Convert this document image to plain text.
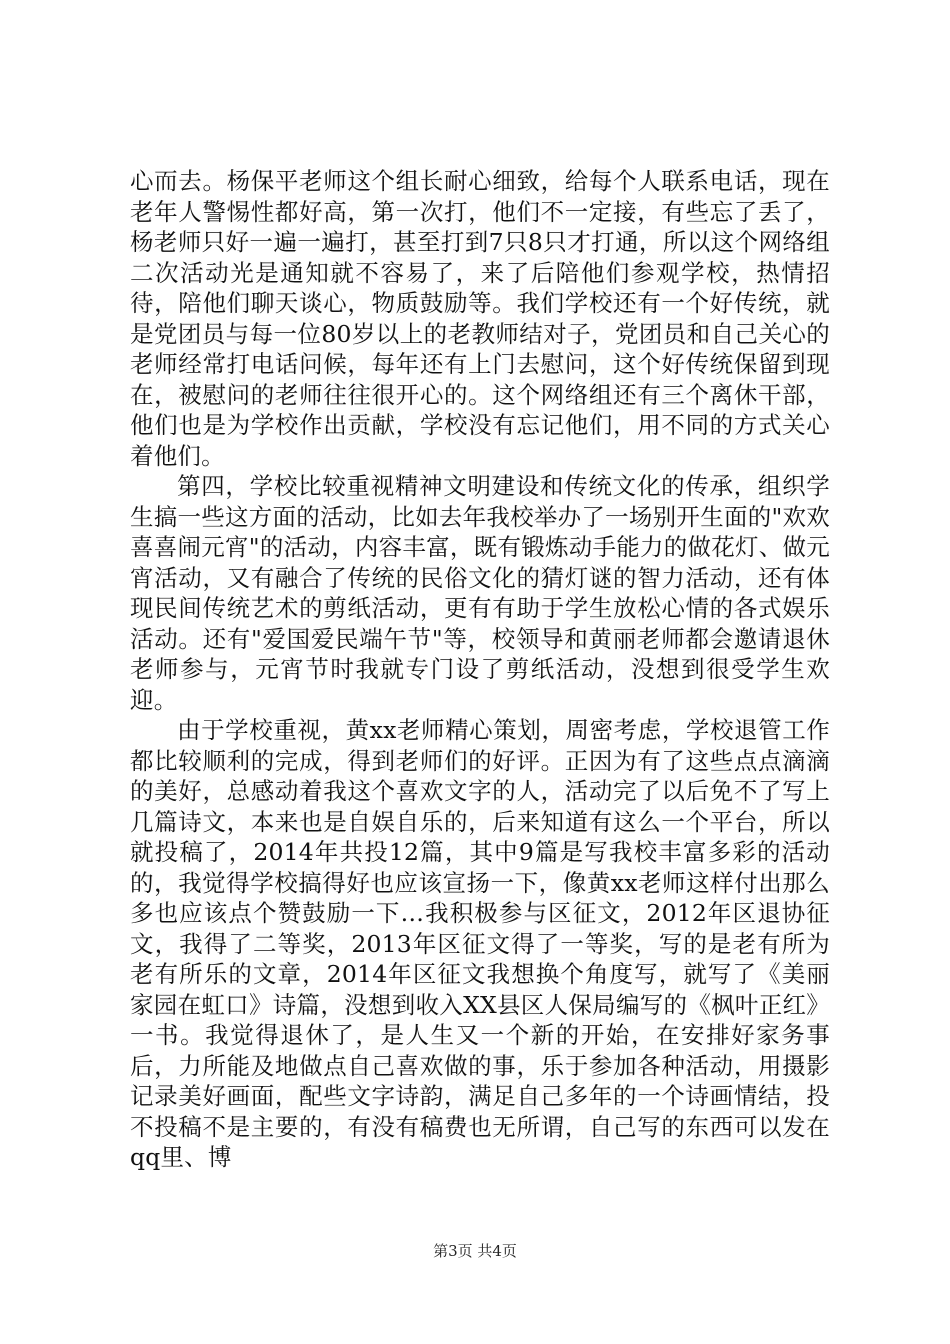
心而去。杨保平老师这个组长耐心细致，给每个人联系电话，现在老年人警惕性都好高，第一次打，他们不一定接，有些忘了丢了，杨老师只好一遍一遍打，甚至打到7只8只才打通，所以这个网络组二次活动光是通知就不容易了，来了后陪他们参观学校，热情招待，陪他们聊天谈心，物质鼓励等。我们学校还有一个好传统，就是党团员与每一位80岁以上的老教师结对子，党团员和自己关心的老师经常打电话问候，每年还有上门去慰问，这个好传统保留到现在，被慰问的老师往往很开心的。这个网络组还有三个离休干部，他们也是为学校作出贡献，学校没有忘记他们，用不同的方式关心着他们。

第四，学校比较重视精神文明建设和传统文化的传承，组织学生搞一些这方面的活动，比如去年我校举办了一场别开生面的"欢欢喜喜闹元宵"的活动，内容丰富，既有锻炼动手能力的做花灯、做元宵活动，又有融合了传统的民俗文化的猜灯谜的智力活动，还有体现民间传统艺术的剪纸活动，更有有助于学生放松心情的各式娱乐活动。还有"爱国爱民端午节"等，校领导和黄丽老师都会邀请退休老师参与，元宵节时我就专门设了剪纸活动，没想到很受学生欢迎。

由于学校重视，黄xx老师精心策划，周密考虑，学校退管工作都比较顺利的完成，得到老师们的好评。正因为有了这些点点滴滴的美好，总感动着我这个喜欢文字的人，活动完了以后免不了写上几篇诗文，本来也是自娱自乐的，后来知道有这么一个平台，所以就投稿了，2014年共投12篇，其中9篇是写我校丰富多彩的活动的，我觉得学校搞得好也应该宣扬一下，像黄xx老师这样付出那么多也应该点个赞鼓励一下…我积极参与区征文，2012年区退协征文，我得了二等奖，2013年区征文得了一等奖，写的是老有所为老有所乐的文章，2014年区征文我想换个角度写，就写了《美丽家园在虹口》诗篇，没想到收入XX县区人保局编写的《枫叶正红》一书。我觉得退休了，是人生又一个新的开始，在安排好家务事后，力所能及地做点自己喜欢做的事，乐于参加各种活动，用摄影记录美好画面，配些文字诗韵，满足自己多年的一个诗画情结，投不投稿不是主要的，有没有稿费也无所谓，自己写的东西可以发在qq里、博

第3页 共4页
